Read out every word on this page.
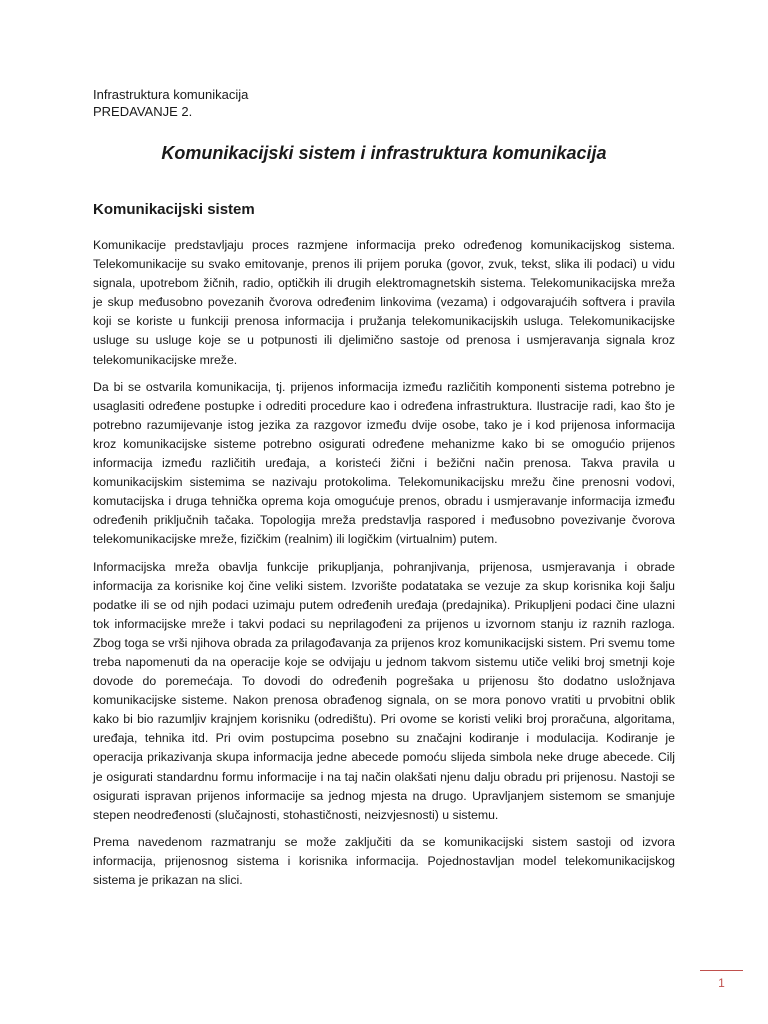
Infrastruktura komunikacija
PREDAVANJE 2.
Komunikacijski sistem i infrastruktura komunikacija
Komunikacijski sistem

Komunikacije predstavljaju proces razmjene informacija preko određenog komunikacijskog sistema. Telekomunikacije su svako emitovanje, prenos ili prijem poruka (govor, zvuk, tekst, slika ili podaci) u vidu signala, upotrebom žičnih, radio, optičkih ili drugih elektromagnetskih sistema. Telekomunikacijska mreža je skup međusobno povezanih čvorova određenim linkovima (vezama) i odgovarajućih softvera i pravila koji se koriste u funkciji prenosa informacija i pružanja telekomunikacijskih usluga. Telekomunikacijske usluge su usluge koje se u potpunosti ili djelimično sastoje od prenosa i usmjeravanja signala kroz telekomunikacijske mreže.

Da bi se ostvarila komunikacija, tj. prijenos informacija između različitih komponenti sistema potrebno je usaglasiti određene postupke i odrediti procedure kao i određena infrastruktura. Ilustracije radi, kao što je potrebno razumijevanje istog jezika za razgovor između dvije osobe, tako je i kod prijenosa informacija kroz komunikacijske sisteme potrebno osigurati određene mehanizme kako bi se omogućio prijenos informacija između različitih uređaja, a koristeći žični i bežični način prenosa. Takva pravila u komunikacijskim sistemima se nazivaju protokolima. Telekomunikacijsku mrežu čine prenosni vodovi, komutacijska i druga tehnička oprema koja omogućuje prenos, obradu i usmjeravanje informacija između određenih priključnih tačaka. Topologija mreža predstavlja raspored i međusobno povezivanje čvorova telekomunikacijske mreže, fizičkim (realnim) ili logičkim (virtualnim) putem.

Informacijska mreža obavlja funkcije prikupljanja, pohranjivanja, prijenosa, usmjeravanja i obrade informacija za korisnike koj čine veliki sistem. Izvorište podatataka se vezuje za skup korisnika koji šalju podatke ili se od njih podaci uzimaju putem određenih uređaja (predajnika). Prikupljeni podaci čine ulazni tok informacijske mreže i takvi podaci su neprilagođeni za prijenos u izvornom stanju iz raznih razloga. Zbog toga se vrši njihova obrada za prilagođavanja za prijenos kroz komunikacijski sistem. Pri svemu tome treba napomenuti da na operacije koje se odvijaju u jednom takvom sistemu utiče veliki broj smetnji koje dovode do poremećaja. To dovodi do određenih pogrešaka u prijenosu što dodatno usložnjava komunikacijske sisteme. Nakon prenosa obrađenog signala, on se mora ponovo vratiti u prvobitni oblik kako bi bio razumljiv krajnjem korisniku (odredištu). Pri ovome se koristi veliki broj proračuna, algoritama, uređaja, tehnika itd. Pri ovim postupcima posebno su značajni kodiranje i modulacija. Kodiranje je operacija prikazivanja skupa informacija jedne abecede pomoću slijeda simbola neke druge abecede. Cilj je osigurati standardnu formu informacije i na taj način olakšati njenu dalju obradu pri prijenosu. Nastoji se osigurati ispravan prijenos informacije sa jednog mjesta na drugo. Upravljanjem sistemom se smanjuje stepen neodređenosti (slučajnosti, stohastičnosti, neizvjesnosti) u sistemu.

Prema navedenom razmatranju se može zaključiti da se komunikacijski sistem sastoji od izvora informacija, prijenosnog sistema i korisnika informacija. Pojednostavljan model telekomunikacijskog sistema je prikazan na slici.

1
